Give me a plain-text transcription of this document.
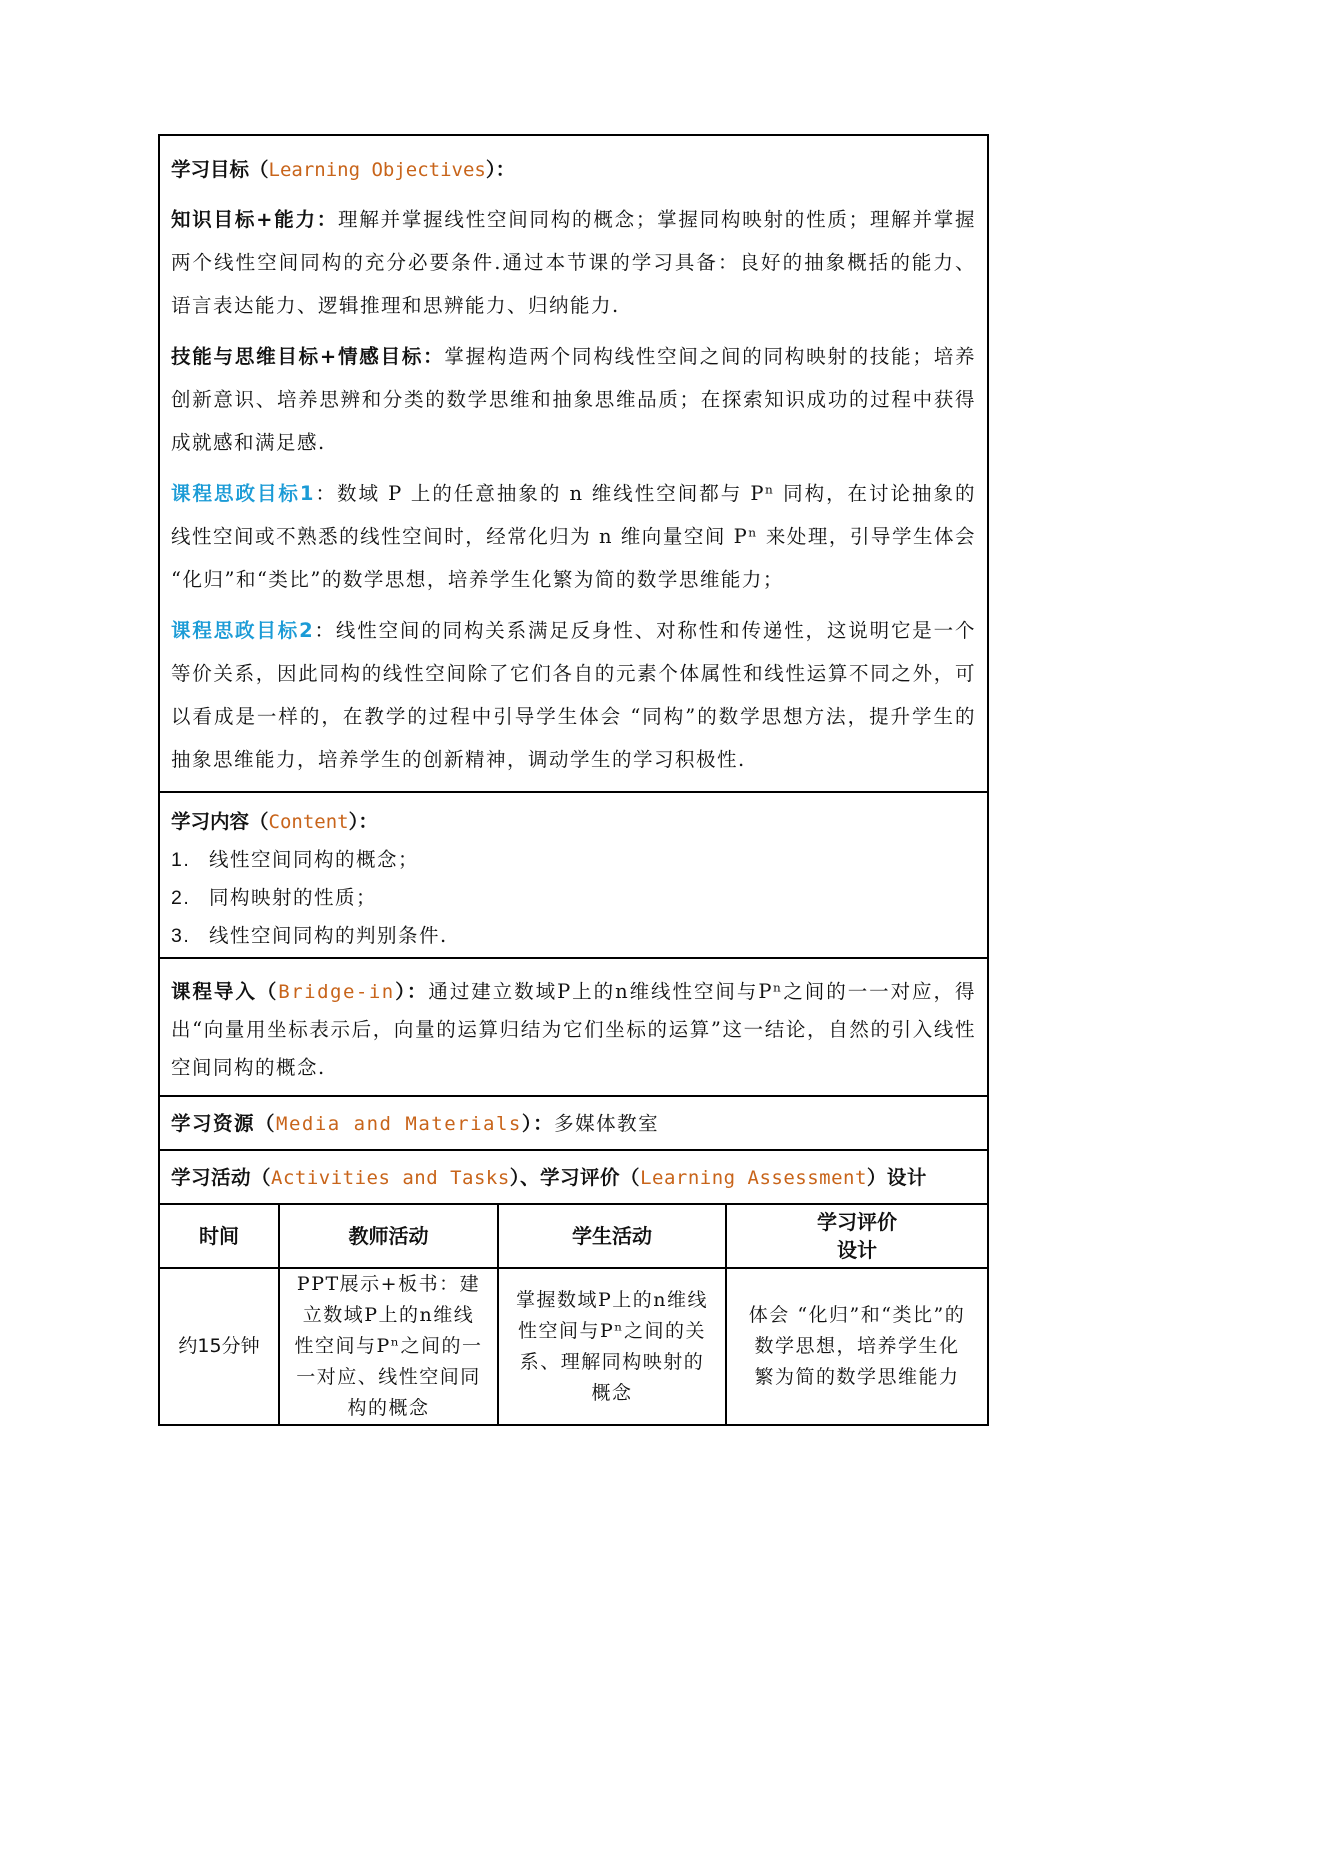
学习目标（Learning Objectives）：

知识目标+能力：理解并掌握线性空间同构的概念；掌握同构映射的性质；理解并掌握两个线性空间同构的充分必要条件.通过本节课的学习具备：良好的抽象概括的能力、语言表达能力、逻辑推理和思辨能力、归纳能力.

技能与思维目标+情感目标：掌握构造两个同构线性空间之间的同构映射的技能；培养创新意识、培养思辨和分类的数学思维和抽象思维品质；在探索知识成功的过程中获得成就感和满足感.

课程思政目标1：数域 P 上的任意抽象的 n 维线性空间都与 Pⁿ 同构，在讨论抽象的线性空间或不熟悉的线性空间时，经常化归为 n 维向量空间 Pⁿ 来处理，引导学生体会 “化归”和“类比”的数学思想，培养学生化繁为简的数学思维能力；

课程思政目标2：线性空间的同构关系满足反身性、对称性和传递性，这说明它是一个等价关系，因此同构的线性空间除了它们各自的元素个体属性和线性运算不同之外，可以看成是一样的，在教学的过程中引导学生体会 “同构”的数学思想方法，提升学生的抽象思维能力，培养学生的创新精神，调动学生的学习积极性.

学习内容（Content）：

1. 线性空间同构的概念；
2. 同构映射的性质；
3. 线性空间同构的判别条件.

课程导入（Bridge-in）：通过建立数域P上的n维线性空间与Pⁿ之间的一一对应，得出“向量用坐标表示后，向量的运算归结为它们坐标的运算”这一结论，自然的引入线性空间同构的概念.

学习资源（Media and Materials）：多媒体教室

学习活动（Activities and Tasks）、学习评价（Learning Assessment）设计

时间	教师活动	学生活动	学习评价
设计
约15分钟	PPT展示+板书：建立数域P上的n维线性空间与Pⁿ之间的一一对应、线性空间同构的概念	掌握数域P上的n维线性空间与Pⁿ之间的关系、理解同构映射的概念	体会 “化归”和“类比”的数学思想，培养学生化繁为简的数学思维能力
